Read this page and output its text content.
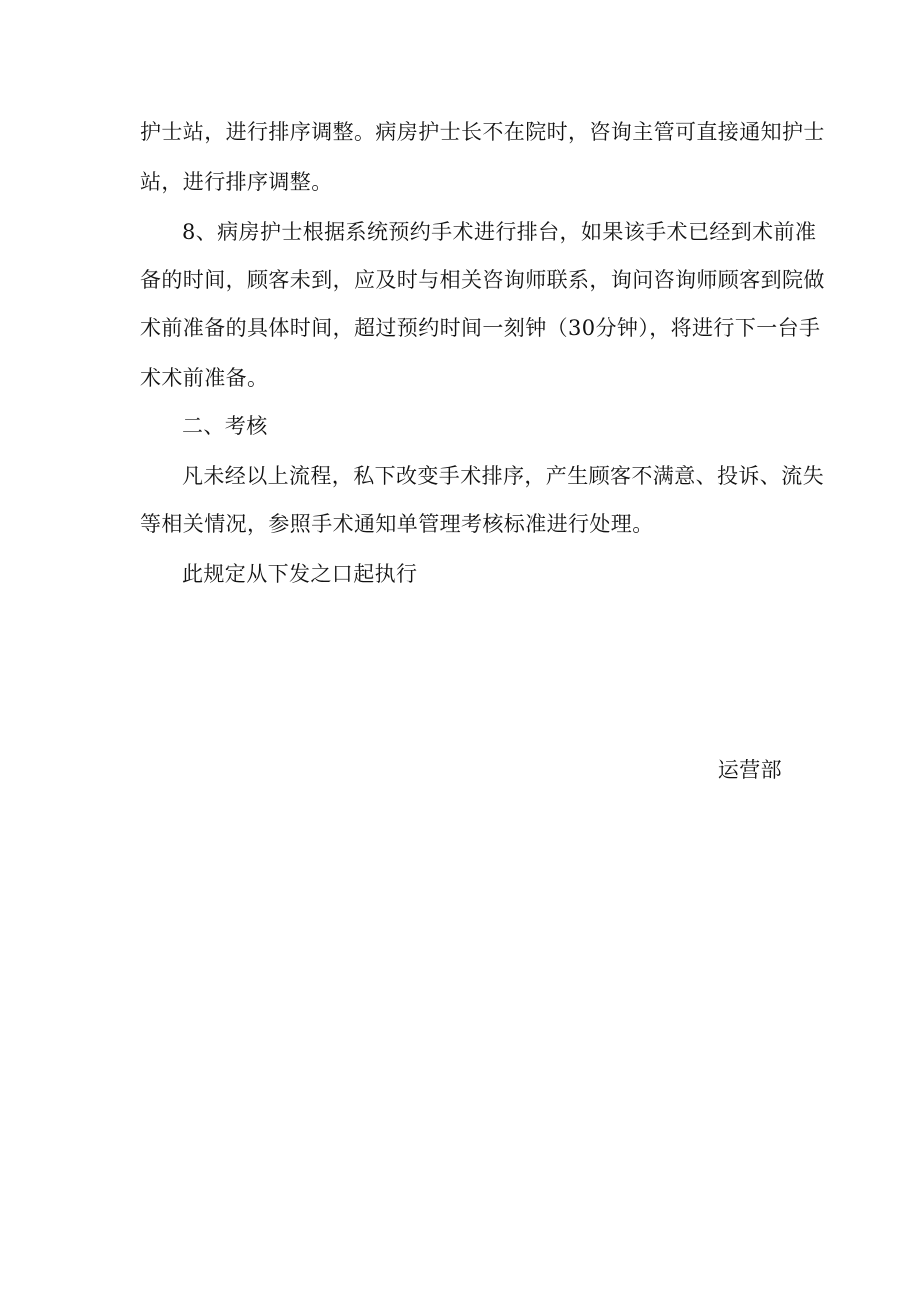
护士站，进行排序调整。病房护士长不在院时，咨询主管可直接通知护士
站，进行排序调整。
8、病房护士根据系统预约手术进行排台，如果该手术已经到术前准
备的时间，顾客未到，应及时与相关咨询师联系，询问咨询师顾客到院做
术前准备的具体时间，超过预约时间一刻钟（30分钟），将进行下一台手
术术前准备。
二、考核
凡未经以上流程，私下改变手术排序，产生顾客不满意、投诉、流失
等相关情况，参照手术通知单管理考核标准进行处理。
此规定从下发之口起执行
运营部
